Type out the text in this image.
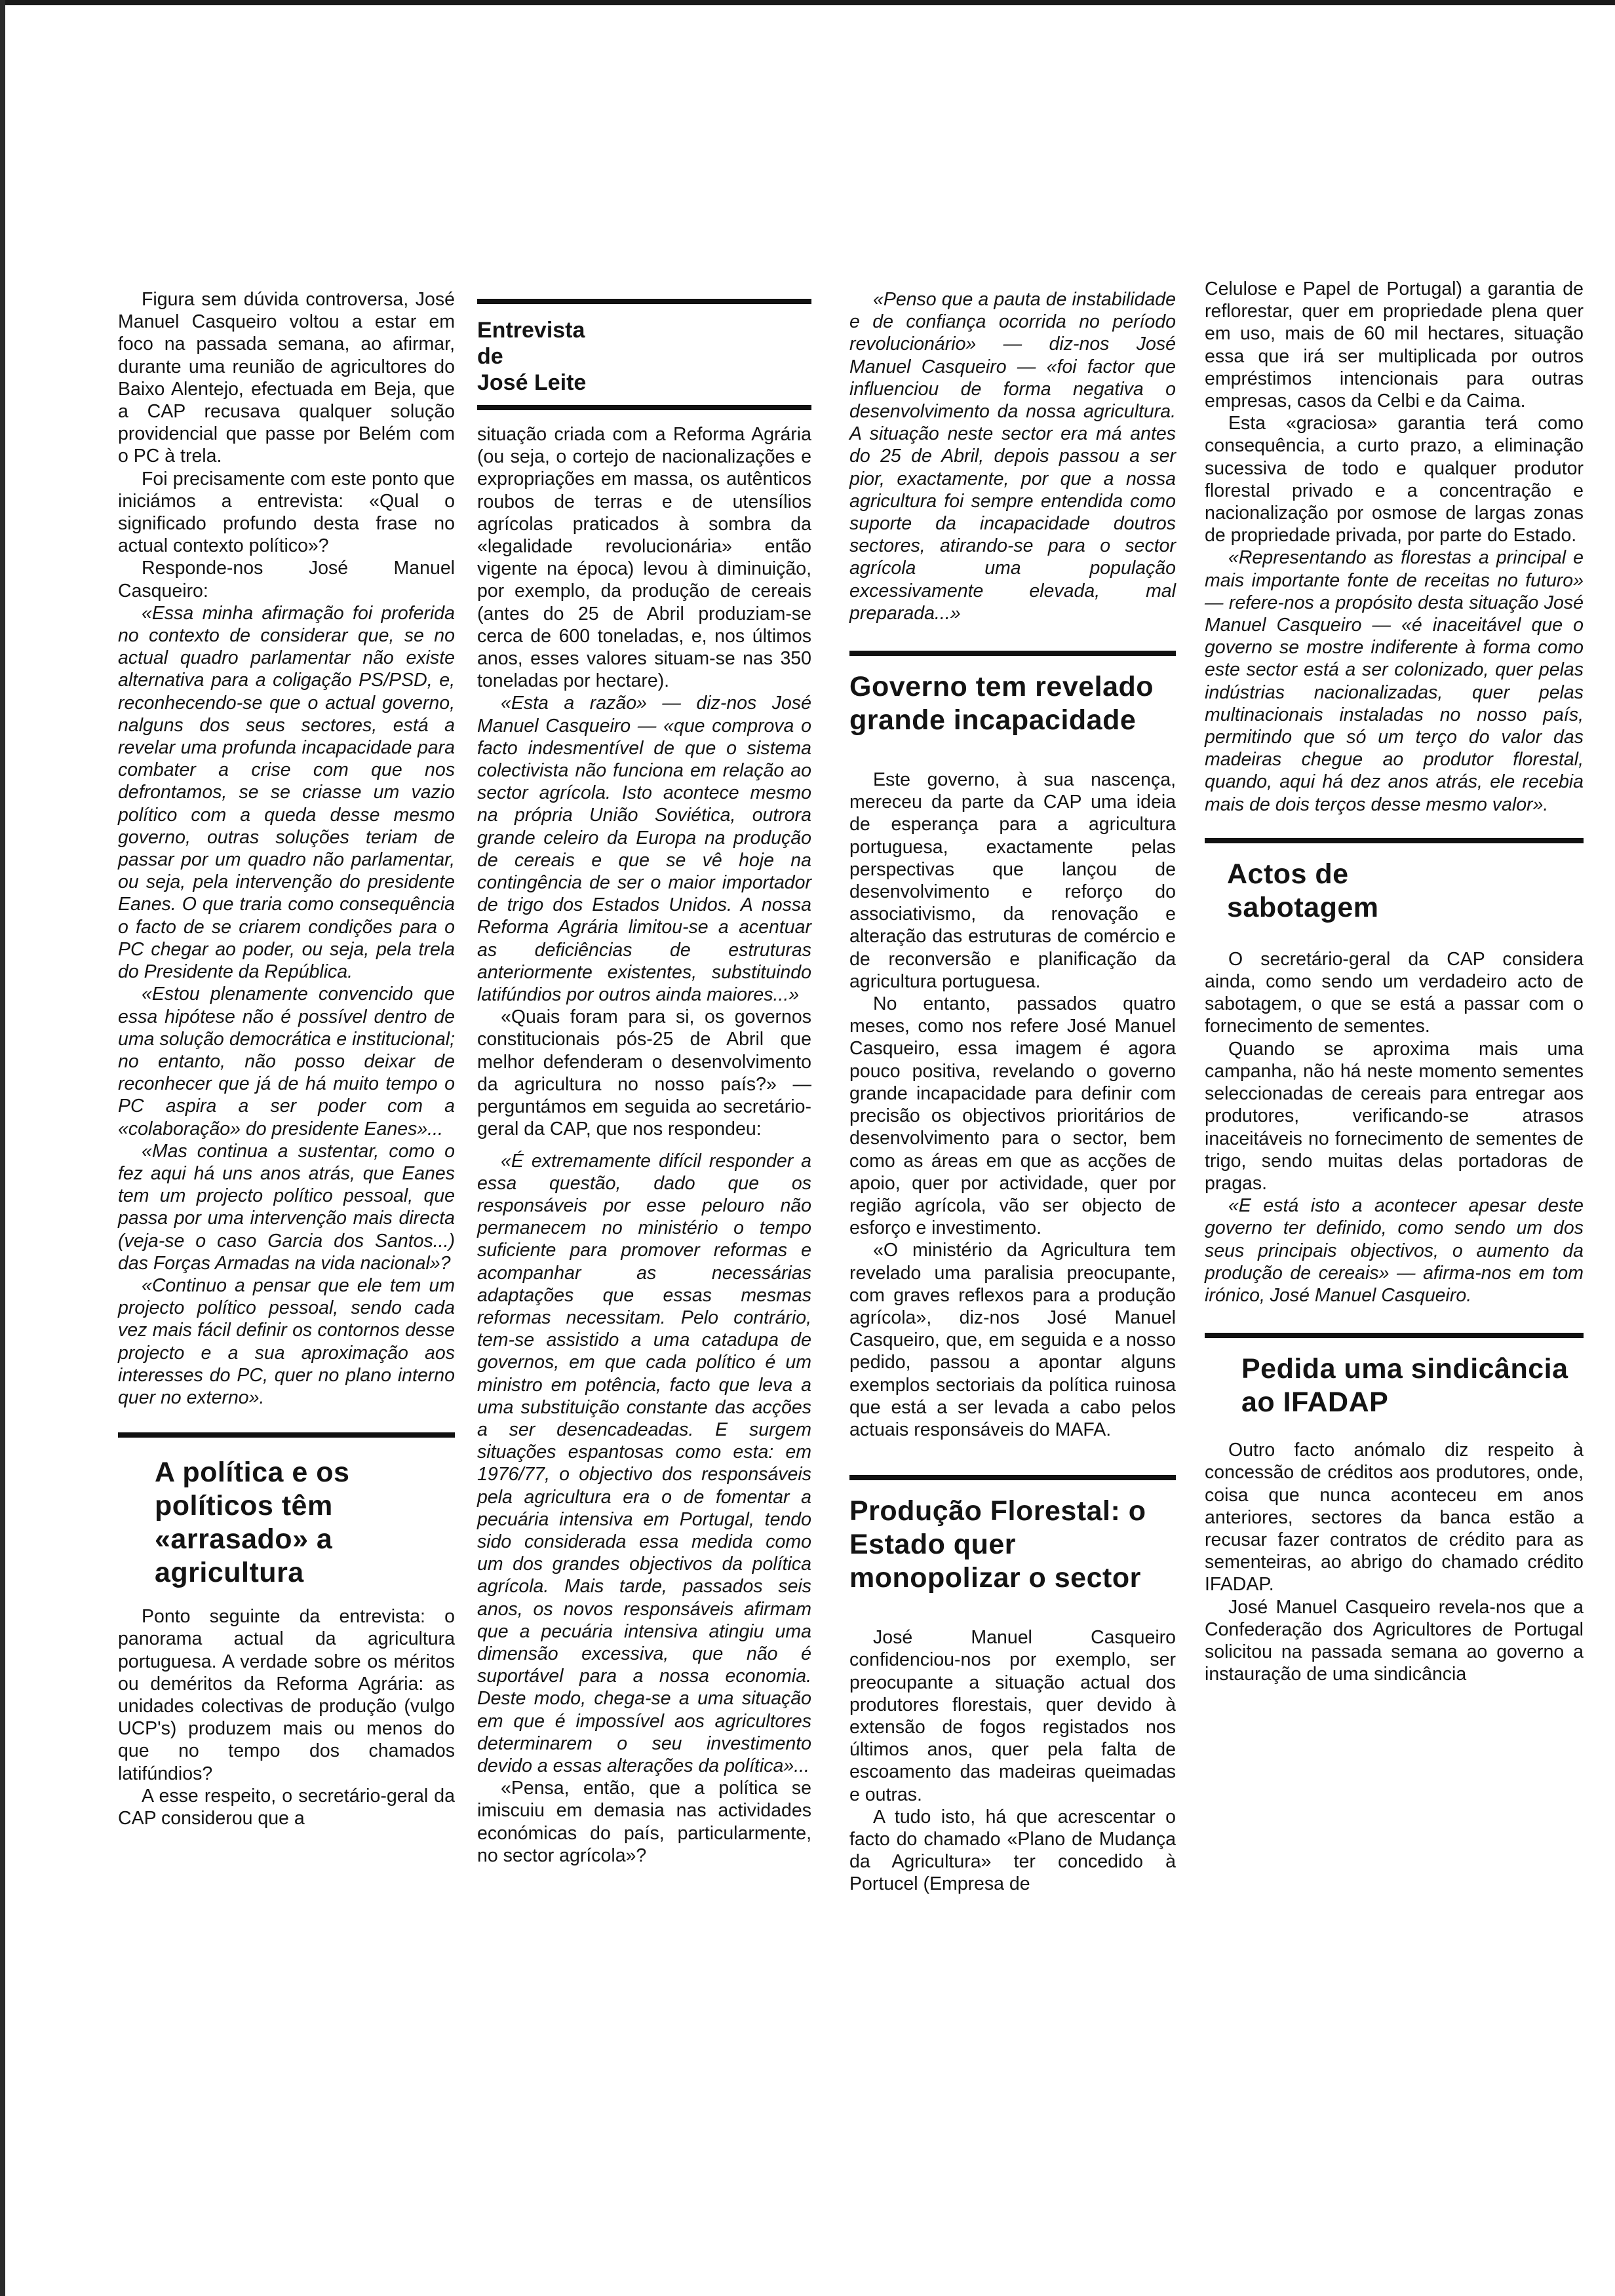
Figura sem dúvida controversa, José Manuel Casqueiro voltou a estar em foco na passada semana, ao afirmar, durante uma reunião de agricultores do Baixo Alentejo, efectuada em Beja, que a CAP recusava qualquer solução providencial que passe por Belém com o PC à trela.

Foi precisamente com este ponto que iniciámos a entrevista: «Qual o significado profundo desta frase no actual contexto político»?

Responde-nos José Manuel Casqueiro:

«Essa minha afirmação foi proferida no contexto de considerar que, se no actual quadro parlamentar não existe alternativa para a coligação PS/PSD, e, reconhecendo-se que o actual governo, nalguns dos seus sectores, está a revelar uma profunda incapacidade para combater a crise com que nos defrontamos, se se criasse um vazio político com a queda desse mesmo governo, outras soluções teriam de passar por um quadro não parlamentar, ou seja, pela intervenção do presidente Eanes. O que traria como consequência o facto de se criarem condições para o PC chegar ao poder, ou seja, pela trela do Presidente da República.

«Estou plenamente convencido que essa hipótese não é possível dentro de uma solução democrática e institucional; no entanto, não posso deixar de reconhecer que já de há muito tempo o PC aspira a ser poder com a «colaboração» do presidente Eanes»...

«Mas continua a sustentar, como o fez aqui há uns anos atrás, que Eanes tem um projecto político pessoal, que passa por uma intervenção mais directa (veja-se o caso Garcia dos Santos...) das Forças Armadas na vida nacional»?

«Continuo a pensar que ele tem um projecto político pessoal, sendo cada vez mais fácil definir os contornos desse projecto e a sua aproximação aos interesses do PC, quer no plano interno quer no externo».

A política e os políticos têm «arrasado» a agricultura

Ponto seguinte da entrevista: o panorama actual da agricultura portuguesa. A verdade sobre os méritos ou deméritos da Reforma Agrária: as unidades colectivas de produção (vulgo UCP's) produzem mais ou menos do que no tempo dos chamados latifúndios?

A esse respeito, o secretário-geral da CAP considerou que a

Entrevista

de

José Leite

situação criada com a Reforma Agrária (ou seja, o cortejo de nacionalizações e expropriações em massa, os autênticos roubos de terras e de utensílios agrícolas praticados à sombra da «legalidade revolucionária» então vigente na época) levou à diminuição, por exemplo, da produção de cereais (antes do 25 de Abril produziam-se cerca de 600 toneladas, e, nos últimos anos, esses valores situam-se nas 350 toneladas por hectare).

«Esta a razão» — diz-nos José Manuel Casqueiro — «que comprova o facto indesmentível de que o sistema colectivista não funciona em relação ao sector agrícola. Isto acontece mesmo na própria União Soviética, outrora grande celeiro da Europa na produção de cereais e que se vê hoje na contingência de ser o maior importador de trigo dos Estados Unidos. A nossa Reforma Agrária limitou-se a acentuar as deficiências de estruturas anteriormente existentes, substituindo latifúndios por outros ainda maiores...»

«Quais foram para si, os governos constitucionais pós-25 de Abril que melhor defenderam o desenvolvimento da agricultura no nosso país?» — perguntámos em seguida ao secretário-geral da CAP, que nos respondeu:

«É extremamente difícil responder a essa questão, dado que os responsáveis por esse pelouro não permanecem no ministério o tempo suficiente para promover reformas e acompanhar as necessárias adaptações que essas mesmas reformas necessitam. Pelo contrário, tem-se assistido a uma catadupa de governos, em que cada político é um ministro em potência, facto que leva a uma substituição constante das acções a ser desencadeadas. E surgem situações espantosas como esta: em 1976/77, o objectivo dos responsáveis pela agricultura era o de fomentar a pecuária intensiva em Portugal, tendo sido considerada essa medida como um dos grandes objectivos da política agrícola. Mais tarde, passados seis anos, os novos responsáveis afirmam que a pecuária intensiva atingiu uma dimensão excessiva, que não é suportável para a nossa economia. Deste modo, chega-se a uma situação em que é impossível aos agricultores determinarem o seu investimento devido a essas alterações da política»...

«Pensa, então, que a política se imiscuiu em demasia nas actividades económicas do país, particularmente, no sector agrícola»?

«Penso que a pauta de instabilidade e de confiança ocorrida no período revolucionário» — diz-nos José Manuel Casqueiro — «foi factor que influenciou de forma negativa o desenvolvimento da nossa agricultura. A situação neste sector era má antes do 25 de Abril, depois passou a ser pior, exactamente, por que a nossa agricultura foi sempre entendida como suporte da incapacidade doutros sectores, atirando-se para o sector agrícola uma população excessivamente elevada, mal preparada...»

Governo tem revelado grande incapacidade

Este governo, à sua nascença, mereceu da parte da CAP uma ideia de esperança para a agricultura portuguesa, exactamente pelas perspectivas que lançou de desenvolvimento e reforço do associativismo, da renovação e alteração das estruturas de comércio e de reconversão e planificação da agricultura portuguesa.

No entanto, passados quatro meses, como nos refere José Manuel Casqueiro, essa imagem é agora pouco positiva, revelando o governo grande incapacidade para definir com precisão os objectivos prioritários de desenvolvimento para o sector, bem como as áreas em que as acções de apoio, quer por actividade, quer por região agrícola, vão ser objecto de esforço e investimento.

«O ministério da Agricultura tem revelado uma paralisia preocupante, com graves reflexos para a produção agrícola», diz-nos José Manuel Casqueiro, que, em seguida e a nosso pedido, passou a apontar alguns exemplos sectoriais da política ruinosa que está a ser levada a cabo pelos actuais responsáveis do MAFA.

Produção Florestal: o Estado quer monopolizar o sector

José Manuel Casqueiro confidenciou-nos por exemplo, ser preocupante a situação actual dos produtores florestais, quer devido à extensão de fogos registados nos últimos anos, quer pela falta de escoamento das madeiras queimadas e outras.

A tudo isto, há que acrescentar o facto do chamado «Plano de Mudança da Agricultura» ter concedido à Portucel (Empresa de

Celulose e Papel de Portugal) a garantia de reflorestar, quer em propriedade plena quer em uso, mais de 60 mil hectares, situação essa que irá ser multiplicada por outros empréstimos intencionais para outras empresas, casos da Celbi e da Caima.

Esta «graciosa» garantia terá como consequência, a curto prazo, a eliminação sucessiva de todo e qualquer produtor florestal privado e a concentração e nacionalização por osmose de largas zonas de propriedade privada, por parte do Estado.

«Representando as florestas a principal e mais importante fonte de receitas no futuro» — refere-nos a propósito desta situação José Manuel Casqueiro — «é inaceitável que o governo se mostre indiferente à forma como este sector está a ser colonizado, quer pelas indústrias nacionalizadas, quer pelas multinacionais instaladas no nosso país, permitindo que só um terço do valor das madeiras chegue ao produtor florestal, quando, aqui há dez anos atrás, ele recebia mais de dois terços desse mesmo valor».

Actos de sabotagem

O secretário-geral da CAP considera ainda, como sendo um verdadeiro acto de sabotagem, o que se está a passar com o fornecimento de sementes.

Quando se aproxima mais uma campanha, não há neste momento sementes seleccionadas de cereais para entregar aos produtores, verificando-se atrasos inaceitáveis no fornecimento de sementes de trigo, sendo muitas delas portadoras de pragas.

«E está isto a acontecer apesar deste governo ter definido, como sendo um dos seus principais objectivos, o aumento da produção de cereais» — afirma-nos em tom irónico, José Manuel Casqueiro.

Pedida uma sindicância ao IFADAP

Outro facto anómalo diz respeito à concessão de créditos aos produtores, onde, coisa que nunca aconteceu em anos anteriores, sectores da banca estão a recusar fazer contratos de crédito para as sementeiras, ao abrigo do chamado crédito IFADAP.

José Manuel Casqueiro revela-nos que a Confederação dos Agricultores de Portugal solicitou na passada semana ao governo a instauração de uma sindicância
